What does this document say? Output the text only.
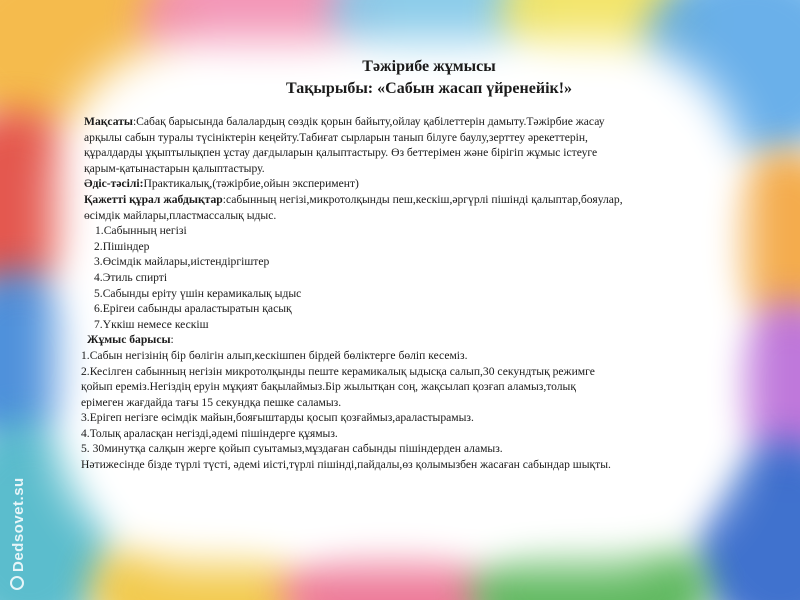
Dedsovet.su
Тәжірибе жұмысы
Тақырыбы: «Сабын жасап үйренейік!»
Мақсаты:Сабақ барысында балалардың сөздік қорын байыту,ойлау қабілеттерін дамыту.Тәжірбие жасау
арқылы сабын туралы түсініктерін кеңейту.Табиғат сырларын танып білуге баулу,зерттеу әрекеттерін,
құралдарды ұқыптылықпен ұстау дағдыларын қалыптастыру. Өз беттерімен және бірігіп жұмыс істеуге
қарым-қатынастарын қалыптастыру.
Әдіс-тәсілі:Практикалық,(тәжірбие,ойын эксперимент)
Қажетті құрал жабдықтар:сабынның негізі,микротолқынды пеш,кескіш,әргүрлі пішінді қалыптар,бояулар,
өсімдік майлары,пластмассалық ыдыс.
1.Сабынның негізі
2.Пішіндер
3.Өсімдік майлары,иістендіргіштер
4.Этиль спирті
5.Сабынды еріту үшін керамикалық ыдыс
6.Ерігеи сабынды араластыратын қасық
7.Үккіш немесе кескіш
Жұмыс барысы:
1.Сабын негізінің бір бөлігін алып,кескішпен бірдей бөліктерге бөліп кесеміз.
2.Кесілген сабынның негізін микротолқынды пеште керамикалық ыдысқа салып,30 секундтық режимге
қойып ереміз.Негіздің еруін мұқият бақылаймыз.Бір жылытқан соң, жақсылап қозғап аламыз,толық
ерімеген жағдайда тағы 15 секундқа пешке саламыз.
3.Ерігеп негізге өсімдік майын,бояғыштарды қосып қозғаймыз,араластырамыз.
4.Толық араласқан негізді,әдемі пішіндерге құямыз.
5. 30минутқа салқын жерге қойып суытамыз,мұздаған сабынды пішіндерден аламыз.
Нәтижесінде бізде түрлі түсті, әдемі иісті,түрлі пішінді,пайдалы,өз қолымызбен жасаған сабындар шықты.
